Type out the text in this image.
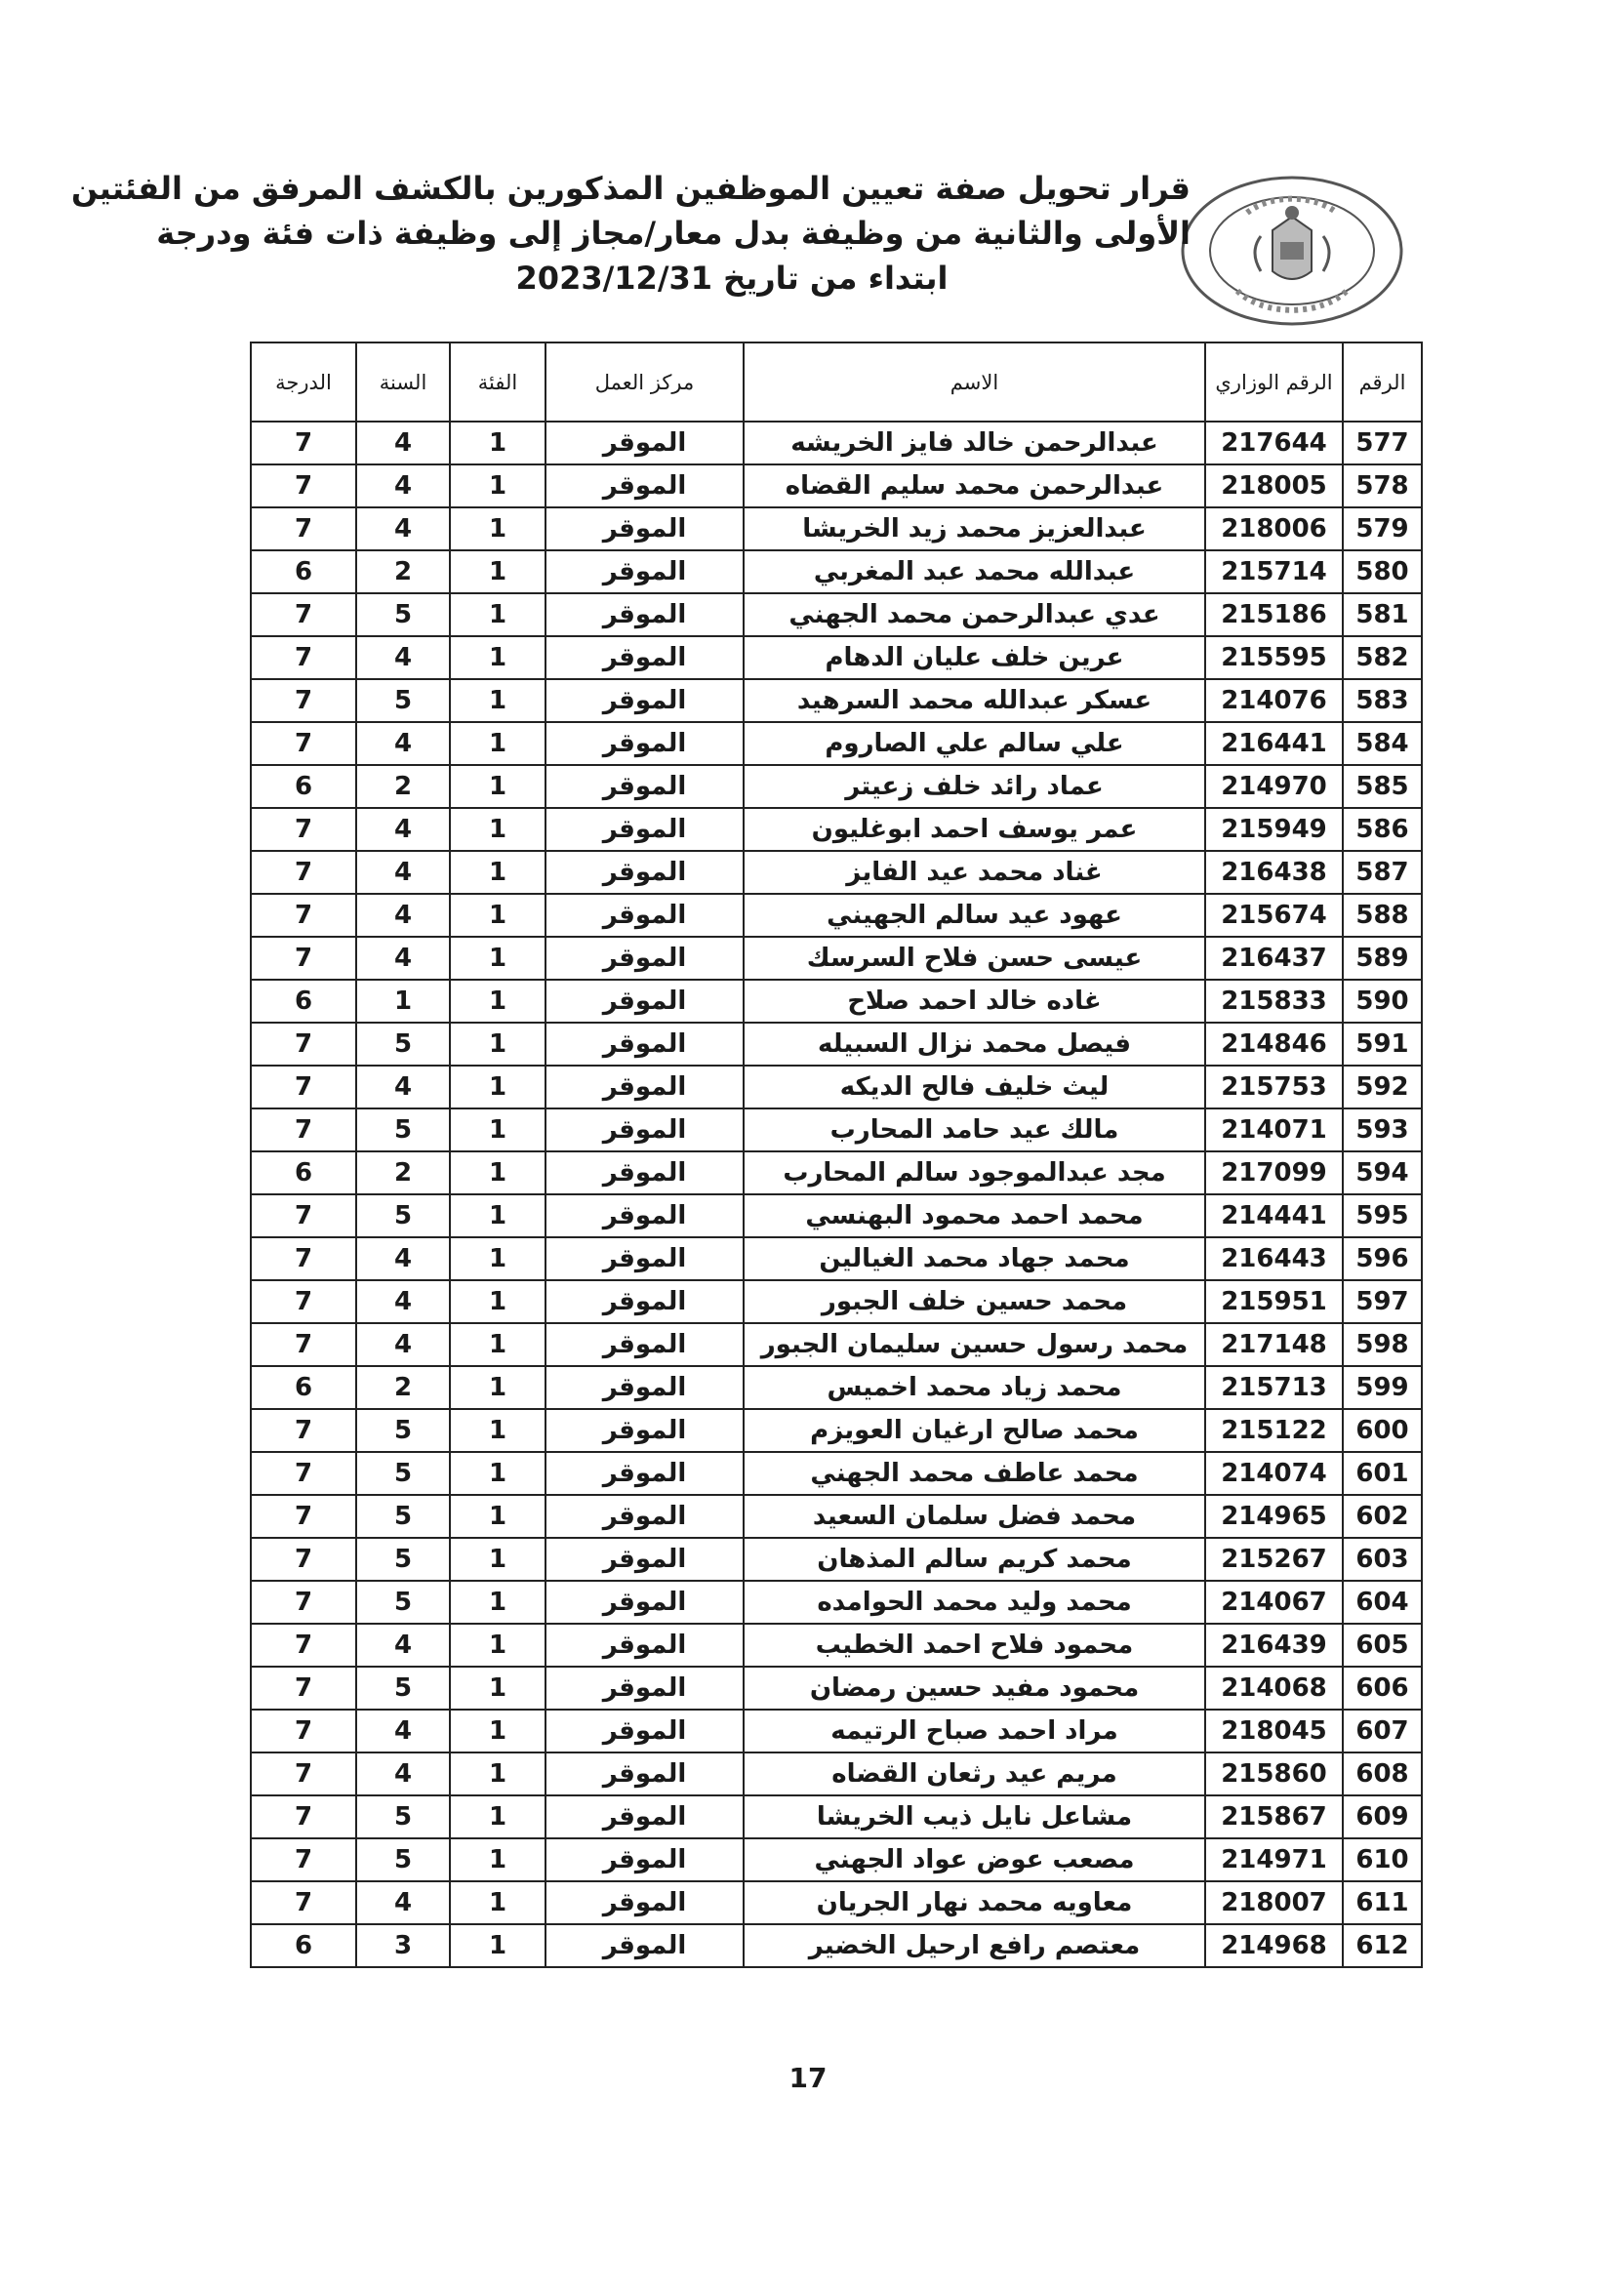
قرار تحويل صفة تعيين الموظفين المذكورين بالكشف المرفق من الفئتين
الأولى والثانية من وظيفة بدل معار/مجاز إلى وظيفة ذات فئة ودرجة
ابتداء من تاريخ 2023/12/31
الرقم	الرقم الوزاري	الاسم	مركز العمل	الفئة	السنة	الدرجة
577	217644	عبدالرحمن خالد فايز الخريشه	الموقر	1	4	7
578	218005	عبدالرحمن محمد سليم القضاه	الموقر	1	4	7
579	218006	عبدالعزيز محمد زيد الخريشا	الموقر	1	4	7
580	215714	عبدالله محمد عبد المغربي	الموقر	1	2	6
581	215186	عدي عبدالرحمن محمد الجهني	الموقر	1	5	7
582	215595	عرين خلف عليان الدهام	الموقر	1	4	7
583	214076	عسكر عبدالله محمد السرهيد	الموقر	1	5	7
584	216441	علي سالم علي الصاروم	الموقر	1	4	7
585	214970	عماد رائد خلف زعيتر	الموقر	1	2	6
586	215949	عمر يوسف احمد ابوغليون	الموقر	1	4	7
587	216438	غناد محمد عيد الفايز	الموقر	1	4	7
588	215674	عهود عيد سالم الجهيني	الموقر	1	4	7
589	216437	عيسى حسن فلاح السرسك	الموقر	1	4	7
590	215833	غاده خالد احمد صلاح	الموقر	1	1	6
591	214846	فيصل محمد نزال السبيله	الموقر	1	5	7
592	215753	ليث خليف فالح الديكه	الموقر	1	4	7
593	214071	مالك عيد حامد المحارب	الموقر	1	5	7
594	217099	مجد عبدالموجود سالم المحارب	الموقر	1	2	6
595	214441	محمد احمد محمود البهنسي	الموقر	1	5	7
596	216443	محمد جهاد محمد الغيالين	الموقر	1	4	7
597	215951	محمد حسين خلف الجبور	الموقر	1	4	7
598	217148	محمد رسول حسين سليمان الجبور	الموقر	1	4	7
599	215713	محمد زياد محمد اخميس	الموقر	1	2	6
600	215122	محمد صالح ارغيان العويزم	الموقر	1	5	7
601	214074	محمد عاطف محمد الجهني	الموقر	1	5	7
602	214965	محمد فضل سلمان السعيد	الموقر	1	5	7
603	215267	محمد كريم سالم المذهان	الموقر	1	5	7
604	214067	محمد وليد محمد الحوامده	الموقر	1	5	7
605	216439	محمود فلاح احمد الخطيب	الموقر	1	4	7
606	214068	محمود مفيد حسين رمضان	الموقر	1	5	7
607	218045	مراد احمد صباح الرتيمه	الموقر	1	4	7
608	215860	مريم عيد رثعان القضاه	الموقر	1	4	7
609	215867	مشاعل نايل ذيب الخريشا	الموقر	1	5	7
610	214971	مصعب عوض عواد الجهني	الموقر	1	5	7
611	218007	معاويه محمد نهار الجريان	الموقر	1	4	7
612	214968	معتصم رافع ارحيل الخضير	الموقر	1	3	6
17
